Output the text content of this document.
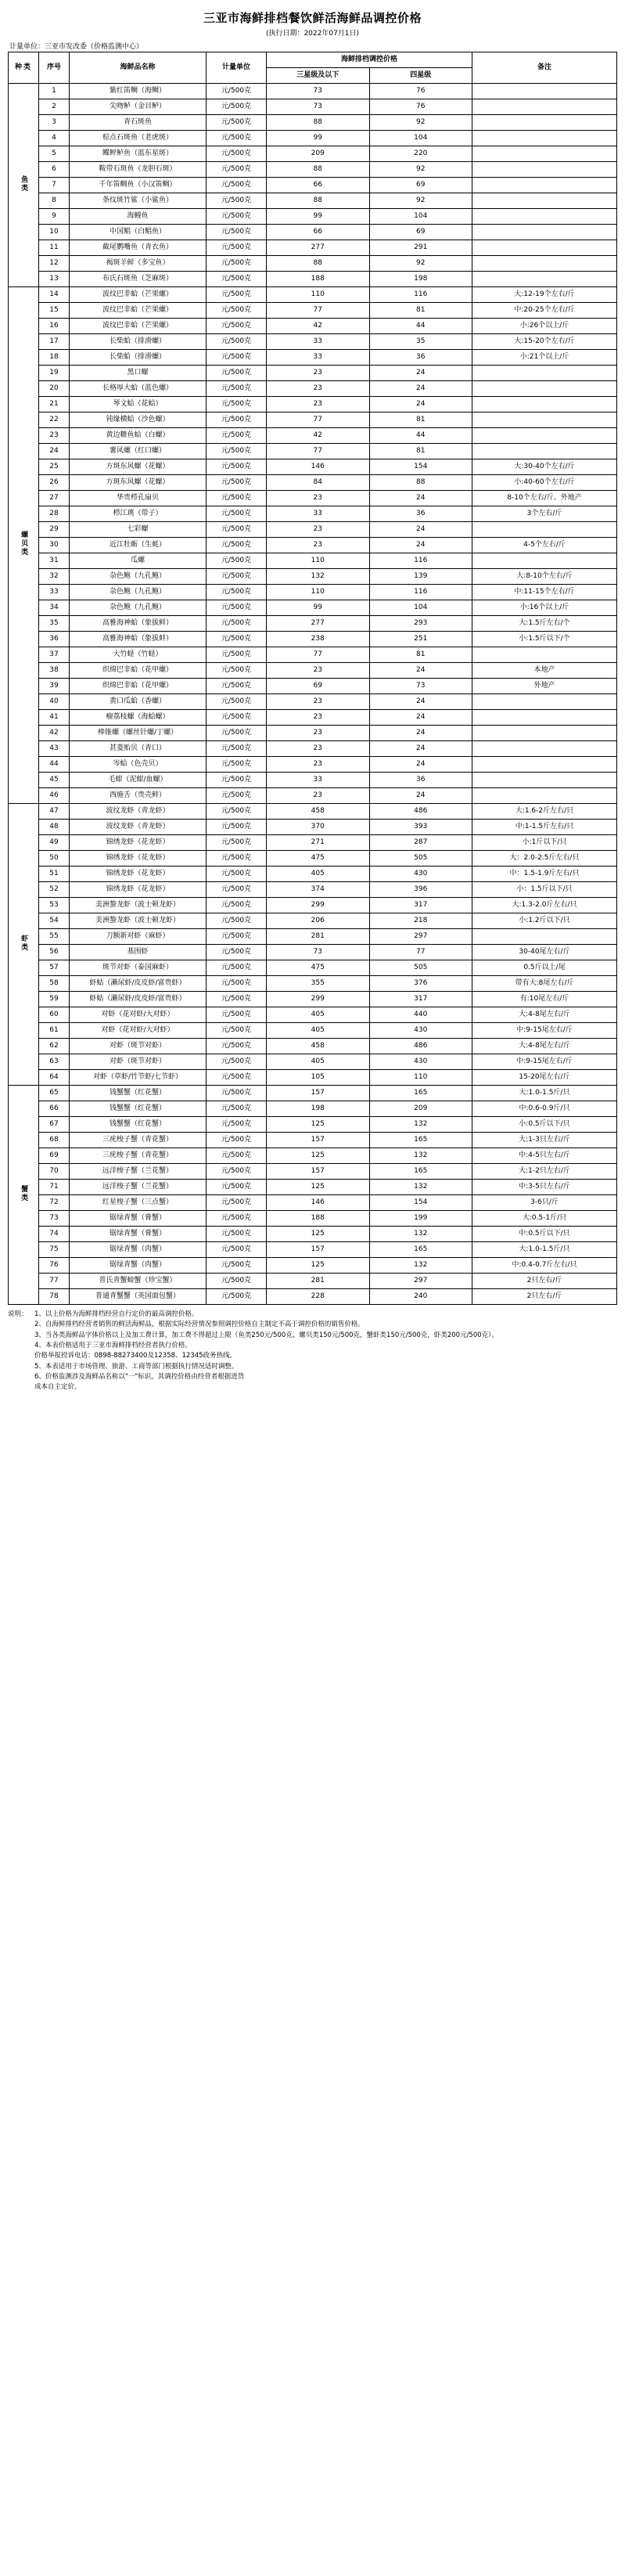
三亚市海鲜排档餐饮鲜活海鲜品调控价格
(执行日期：2022年07月1日)
计量单位：三亚市发改委（价格监测中心）
种类	序号	海鲜品名称	计量单位	海鲜排档调控价格		备注
				三星级及以下	四星级	
鱼类	1	紫红笛鲷（海鲷）	元/500克	73	76	
	2	尖吻鲈（金目鲈）	元/500克	73	76	
	3	青石斑鱼	元/500克	88	92	
	4	棕点石斑鱼（老虎斑）	元/500克	99	104	
	5	鲽鲆鲈鱼（蓝东星斑）	元/500克	209	220	
	6	鞍带石斑鱼（龙胆石斑）	元/500克	88	92	
	7	千年笛鲷鱼（小汉笛鲷）	元/500克	66	69	
	8	条纹斑竹鲨（小鲨鱼）	元/500克	88	92	
	9	海鳗鱼	元/500克	99	104	
	10	中国鲳（白鲳鱼）	元/500克	66	69	
	11	截尾鹦嘴鱼（青衣鱼）	元/500克	277	291	
	12	褐斑羊鲜（多宝鱼）	元/500克	88	92	
	13	布氏石斑鱼（芝麻斑）	元/500克	188	198	
螺贝类	14	波纹巴非蛤（芒果螺）	元/500克	110	116	大:12-19个左右/斤
	15	波纹巴非蛤（芒果螺）	元/500克	77	81	中:20-25个左右/斤
	16	波纹巴非蛤（芒果螺）	元/500克	42	44	小:26个以上/斤
	17	长柴蛤（排滑螺）	元/500克	33	35	大:15-20个左右/斤
	18	长柴蛤（排滑螺）	元/500克	33	36	小:21个以上/斤
	19	黑口螺	元/500克	23	24	
	20	长格厚大蛤（蓝色螺）	元/500克	23	24	
	21	琴文蛤（花蛤）	元/500克	23	24	
	22	钝缘横蛤（沙色螺）	元/500克	77	81	
	23	黄边糖鱼蛤（白螺）	元/500克	42	44	
	24	薯风螺（红口螺）	元/500克	77	81	
	25	方斑东风螺（花螺）	元/500克	146	154	大:30-40个左右/斤
	26	方斑东风螺（花螺）	元/500克	84	88	小:40-60个左右/斤
	27	华贵栉孔扇贝	元/500克	23	24	8-10个左右/斤、外地产
	28	栉江珧（带子）	元/500克	33	36	3个左右/斤
	29	七彩螺	元/500克	23	24	
	30	近江牡蛎（生蚝）	元/500克	23	24	4-5个左右/斤
	31	瓜螺	元/500克	110	116	
	32	杂色鲍（九孔鲍）	元/500克	132	139	大:8-10个左右/斤
	33	杂色鲍（九孔鲍）	元/500克	110	116	中:11-15个左右/斤
	34	杂色鲍（九孔鲍）	元/500克	99	104	小:16个以上/斤
	35	高雅海神蛤（象拔鲜）	元/500克	277	293	大:1.5斤左右/个
	36	高雅海神蛤（象拔蚌）	元/500克	238	251	小:1.5斤以下/个
	37	大竹蛏（竹蛏）	元/500克	77	81	
	38	织绵巴非蛤（花甲螺）	元/500克	23	24	本地产
	39	织绵巴非蛤（花甲螺）	元/500克	69	73	外地产
	40	黄口瓜蛤（香螺）	元/500克	23	24	
	41	瘤荔枝螺（海蛤螺）	元/500克	23	24	
	42	棒锥螺（螺丝针螺/丁螺）	元/500克	23	24	
	43	甚菱贻贝（青口）	元/500克	23	24	
	44	岑蛤（色壳贝）	元/500克	23	24	
	45	毛蚶（泥蚶/血螺）	元/500克	33	36	
	46	西施舌（贵壳鲜）	元/500克	23	24	
虾类	47	波纹龙虾（青龙虾）	元/500克	458	486	大:1.6-2斤左右/只
	48	波纹龙虾（青龙虾）	元/500克	370	393	中:1-1.5斤左右/只
	49	锦绣龙虾（花龙虾）	元/500克	271	287	小:1斤以下/只
	50	锦绣龙虾（花龙虾）	元/500克	475	505	大：2.0-2.5斤左右/只
	51	锦绣龙虾（花龙虾）	元/500克	405	430	中：1.5-1.9斤左右/只
	52	锦绣龙虾（花龙虾）	元/500克	374	396	小：1.5斤以下/只
	53	美洲螯龙虾（波士顿龙虾）	元/500克	299	317	大:1.3-2.0斤左右/只
	54	美洲螯龙虾（波士顿龙虾）	元/500克	206	218	小:1.2斤以下/只
	55	刀额新对虾（麻虾）	元/500克	281	297	
	56	基围虾	元/500克	73	77	30-40尾左右/斤
	57	斑节对虾（泰国麻虾）	元/500克	475	505	0.5斤以上/尾
	58	虾蛄（濑尿虾/皮皮虾/富贵虾）	元/500克	355	376	带有大:8尾左右/斤
	59	虾蛄（濑尿虾/皮皮虾/富贵虾）	元/500克	299	317	有:10尾左右/斤
	60	对虾（花对虾/大对虾）	元/500克	405	440	大:4-8尾左右/斤
	61	对虾（花对虾/大对虾）	元/500克	405	430	中:9-15尾左右/斤
	62	对虾（斑节对虾）	元/500克	458	486	大:4-8尾左右/斤
	63	对虾（斑节对虾）	元/500克	405	430	中:9-15尾左右/斤
	64	对虾（草虾/竹节虾/七节虾）	元/500克	105	110	15-20尾左右/斤
蟹类	65	钱蟹蟹（红花蟹）	元/500克	157	165	大:1.0-1.5斤/只
	66	钱蟹蟹（红花蟹）	元/500克	198	209	中:0.6-0.9斤/只
	67	钱蟹蟹（红花蟹）	元/500克	125	132	小:0.5斤以下/只
	68	三疣梭子蟹（青花蟹）	元/500克	157	165	大:1-3只左右/斤
	69	三疣梭子蟹（青花蟹）	元/500克	125	132	中:4-5只左右/斤
	70	远洋梭子蟹（兰花蟹）	元/500克	157	165	大:1-2只左右/斤
	71	远洋梭子蟹（兰花蟹）	元/500克	125	132	中:3-5只左右/斤
	72	红星梭子蟹（三点蟹）	元/500克	146	154	3-6只/斤
	73	锯绿青蟹（膏蟹）	元/500克	188	199	大:0.5-1斤/只
	74	锯绿青蟹（膏蟹）	元/500克	125	132	中:0.5斤以下/只
	75	锯绿青蟹（肉蟹）	元/500克	157	165	大:1.0-1.5斤/只
	76	锯绿青蟹（肉蟹）	元/500克	125	132	中:0.4-0.7斤左右/只
	77	普氏青蟹螃蟹（珍宝蟹）	元/500克	281	297	2只左右/斤
	78	普通青蟹蟹（英国面包蟹）	元/500克	228	240	2只左右/斤
说明： 1、以上价格为海鲜排档经营自行定价的最高调控价格。

2、自海鲜排档经营者销售的鲜活海鲜品，根据实际经营情况参照调控价格自主制定不高于调控价格的销售价格。

3、当各类海鲜品字体价格以上及加工费计算，加工费不得超过上限（鱼类250元/500克，螺贝类150元/500克，蟹虾类150元/500克，虾类200元/500克）。

4、本表价格适用于三亚市海鲜排档经营者执行价格。

价格举报投诉电话：0898-88273400及12358、12345政务热线。

5、本表适用于市场管理、旅游、工商等部门根据执行情况适时调整。

6、价格监测涉及海鲜品名称以"一"标识，其调控价格由经营者根据进货

成本自主定价。
